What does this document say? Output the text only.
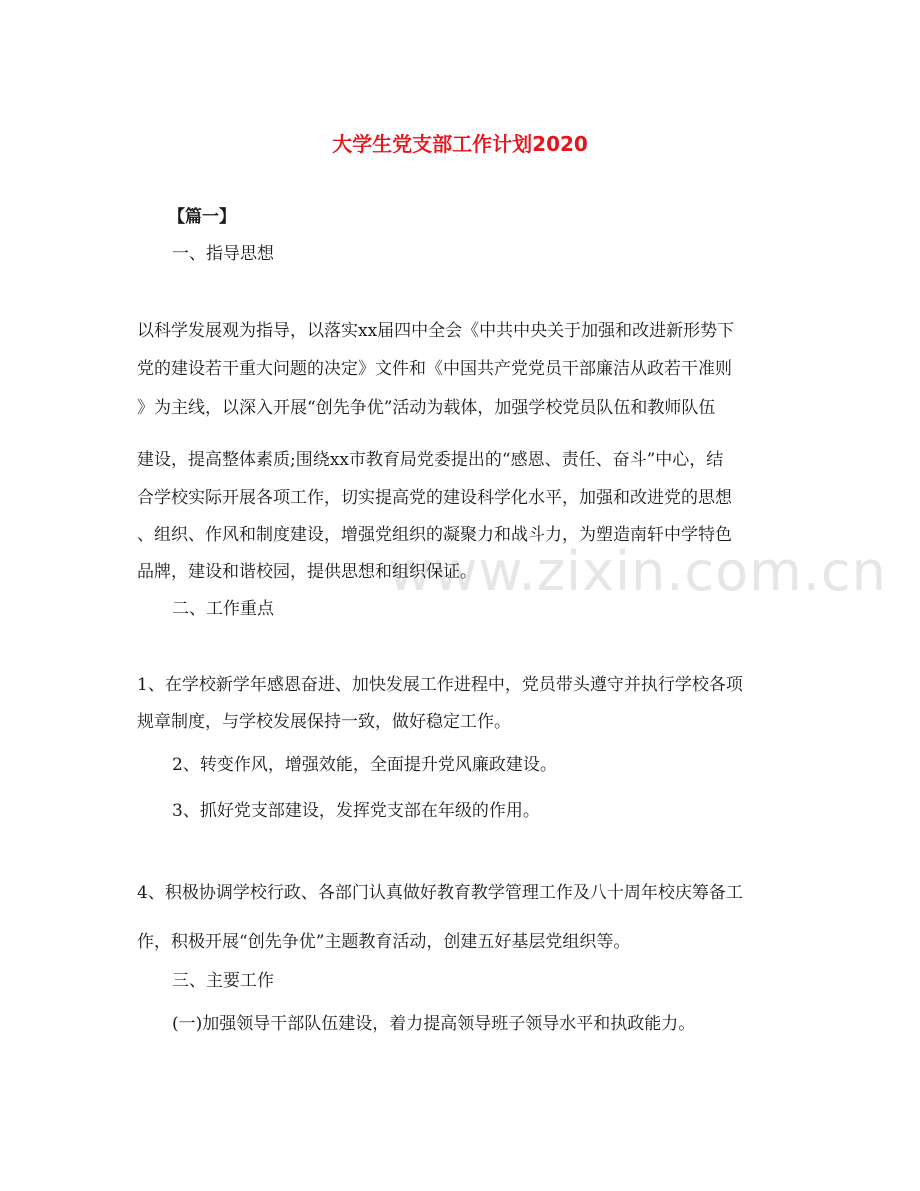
www.zixin.com.cn
大学生党支部工作计划2020
【篇一】
一、指导思想
以科学发展观为指导，以落实xx届四中全会《中共中央关于加强和改进新形势下
党的建设若干重大问题的决定》文件和《中国共产党党员干部廉洁从政若干准则
》为主线，以深入开展“创先争优”活动为载体，加强学校党员队伍和教师队伍
建设，提高整体素质;围绕xx市教育局党委提出的“感恩、责任、奋斗”中心，结
合学校实际开展各项工作，切实提高党的建设科学化水平，加强和改进党的思想
、组织、作风和制度建设，增强党组织的凝聚力和战斗力，为塑造南轩中学特色
品牌，建设和谐校园，提供思想和组织保证。
二、工作重点
1、在学校新学年感恩奋进、加快发展工作进程中，党员带头遵守并执行学校各项
规章制度，与学校发展保持一致，做好稳定工作。
2、转变作风，增强效能，全面提升党风廉政建设。
3、抓好党支部建设，发挥党支部在年级的作用。
4、积极协调学校行政、各部门认真做好教育教学管理工作及八十周年校庆筹备工
作，积极开展“创先争优”主题教育活动，创建五好基层党组织等。
三、主要工作
(一)加强领导干部队伍建设，着力提高领导班子领导水平和执政能力。
